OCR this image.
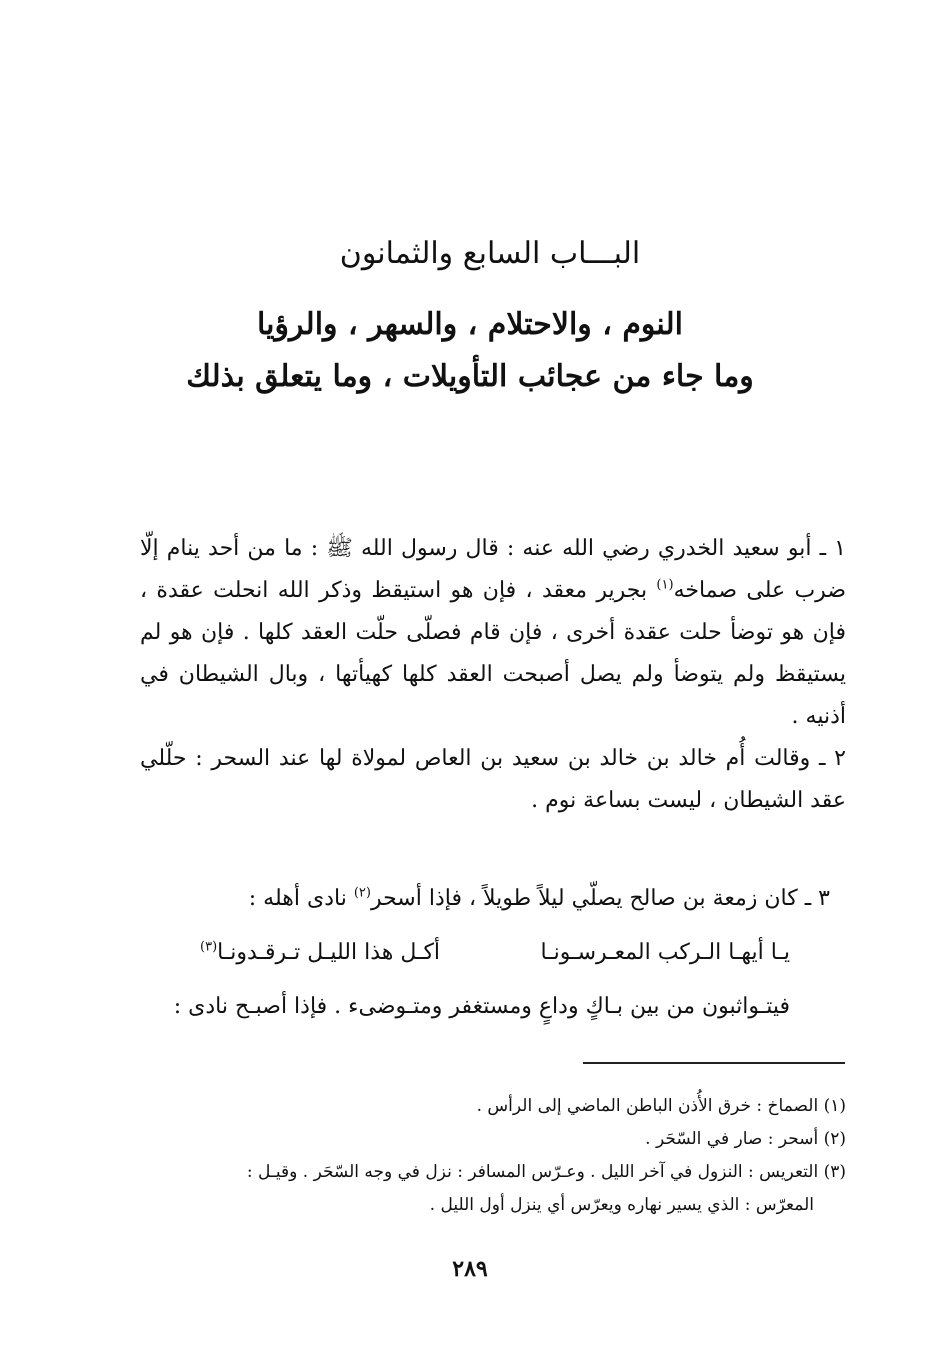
البـــاب السابع والثمانون
النوم ، والاحتلام ، والسهر ، والرؤيا
وما جاء من عجائب التأويلات ، وما يتعلق بذلك
١ ـ أبو سعيد الخدري رضي الله عنه : قال رسول الله ﷺ : ما من أحد ينام إلّا ضرب على صماخه$^{(١)}$ بجرير معقد ، فإن هو استيقظ وذكر الله انحلت عقدة ، فإن هو توضأ حلت عقدة أخرى ، فإن قام فصلّى حلّت العقد كلها . فإن هو لم يستيقظ ولم يتوضأ ولم يصل أصبحت العقد كلها كهيأتها ، وبال الشيطان في أذنيه .
٢ ـ وقالت أُم خالد بن خالد بن سعيد بن العاص لمولاة لها عند السحر : حلّلي عقد الشيطان ، ليست بساعة نوم .
٣ ـ كان زمعة بن صالح يصلّي ليلاً طويلاً ، فإذا أسحر$^{(٢)}$ نادى أهله :
يـا أيهـا الـركب المعـرسـونـا
أكـل هذا الليـل تـرقـدونـا$^{(٣)}$
فيتـواثبون من بين بـاكٍ وداعٍ ومستغفر ومتـوضىء . فإذا أصبـح نادى :
(١) الصماخ : خرق الأُذن الباطن الماضي إلى الرأس .
(٢) أسحر : صار في السّحَر .
(٣) التعريس : النزول في آخر الليل . وعـرّس المسافر : نزل في وجه السّحَر . وقيـل :
المعرّس : الذي يسير نهاره ويعرّس أي ينزل أول الليل .
٢٨٩
